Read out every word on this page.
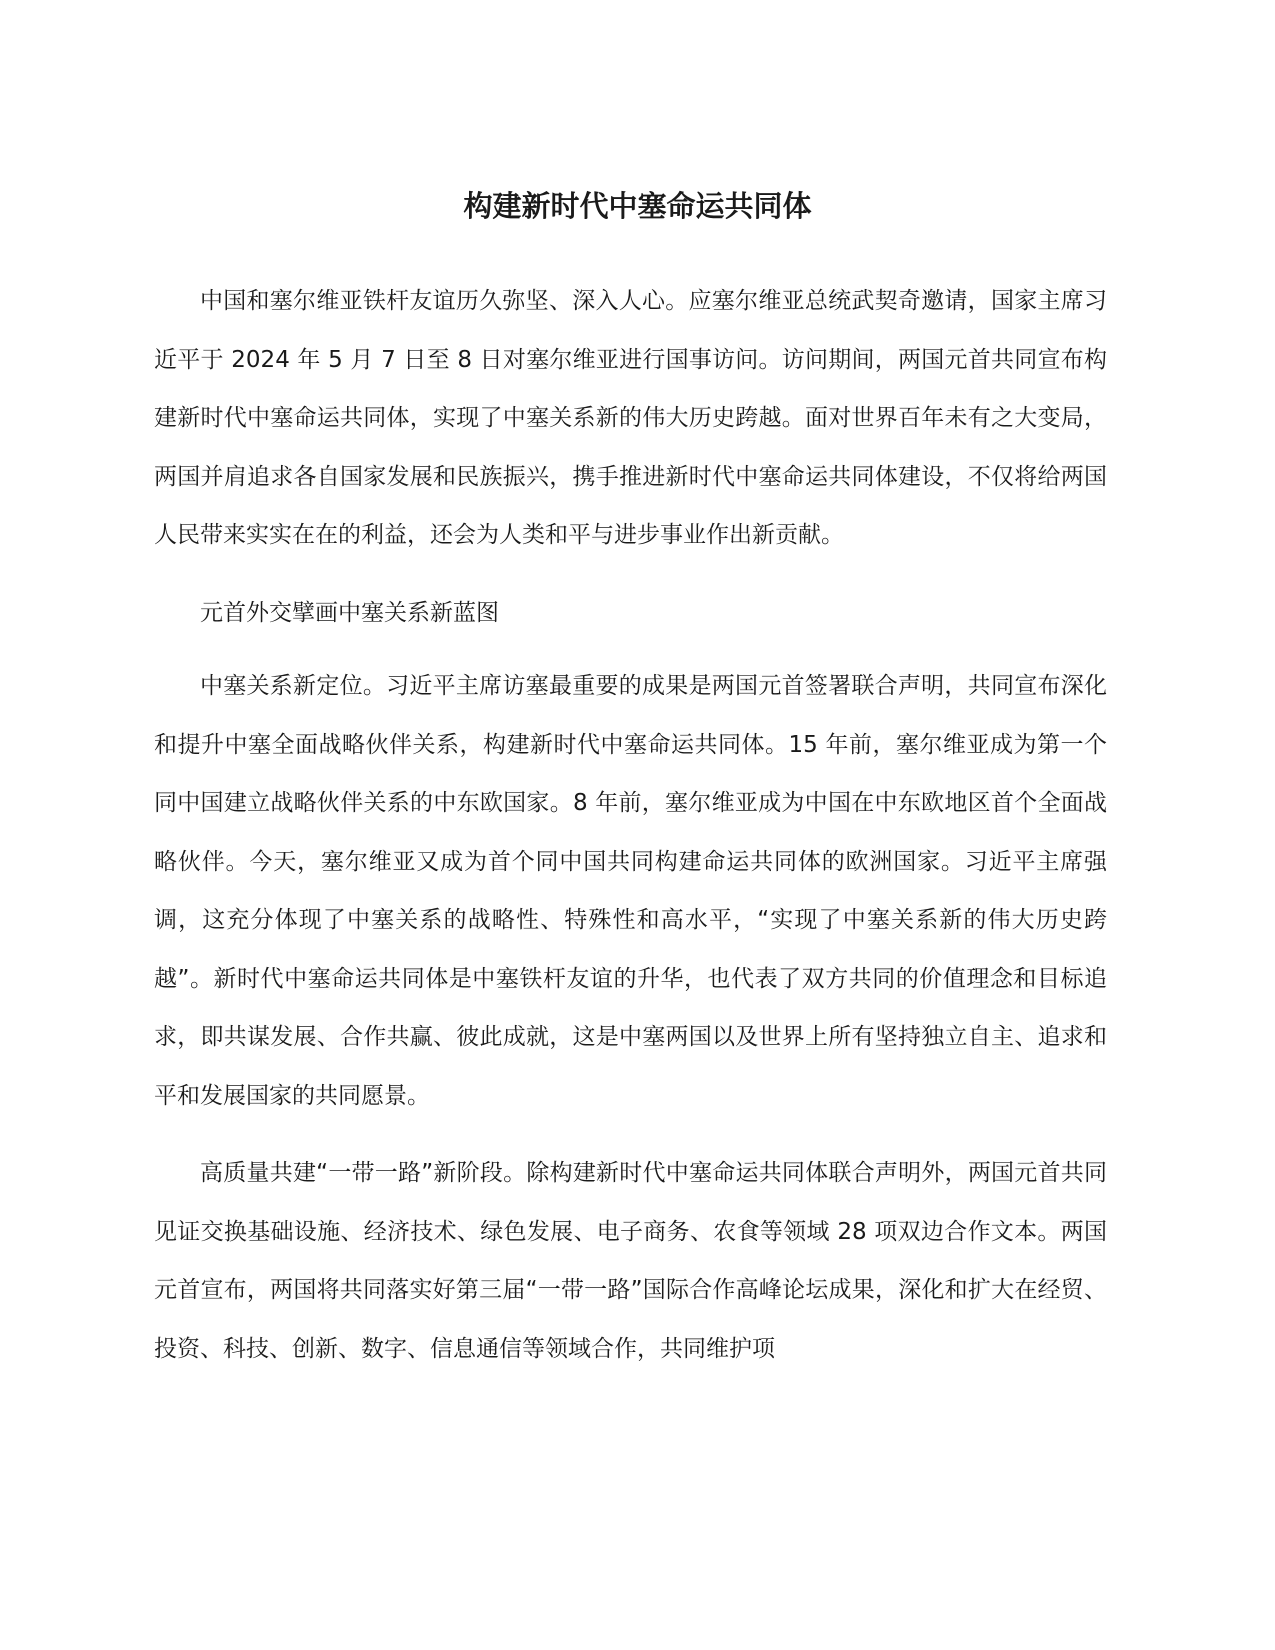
构建新时代中塞命运共同体

中国和塞尔维亚铁杆友谊历久弥坚、深入人心。应塞尔维亚总统武契奇邀请，国家主席习近平于 2024 年 5 月 7 日至 8 日对塞尔维亚进行国事访问。访问期间，两国元首共同宣布构建新时代中塞命运共同体，实现了中塞关系新的伟大历史跨越。面对世界百年未有之大变局，两国并肩追求各自国家发展和民族振兴，携手推进新时代中塞命运共同体建设，不仅将给两国人民带来实实在在的利益，还会为人类和平与进步事业作出新贡献。

元首外交擘画中塞关系新蓝图

中塞关系新定位。习近平主席访塞最重要的成果是两国元首签署联合声明，共同宣布深化和提升中塞全面战略伙伴关系，构建新时代中塞命运共同体。15 年前，塞尔维亚成为第一个同中国建立战略伙伴关系的中东欧国家。8 年前，塞尔维亚成为中国在中东欧地区首个全面战略伙伴。今天，塞尔维亚又成为首个同中国共同构建命运共同体的欧洲国家。习近平主席强调，这充分体现了中塞关系的战略性、特殊性和高水平，“实现了中塞关系新的伟大历史跨越”。新时代中塞命运共同体是中塞铁杆友谊的升华，也代表了双方共同的价值理念和目标追求，即共谋发展、合作共赢、彼此成就，这是中塞两国以及世界上所有坚持独立自主、追求和平和发展国家的共同愿景。

高质量共建“一带一路”新阶段。除构建新时代中塞命运共同体联合声明外，两国元首共同见证交换基础设施、经济技术、绿色发展、电子商务、农食等领域 28 项双边合作文本。两国元首宣布，两国将共同落实好第三届“一带一路”国际合作高峰论坛成果，深化和扩大在经贸、投资、科技、创新、数字、信息通信等领域合作，共同维护项
